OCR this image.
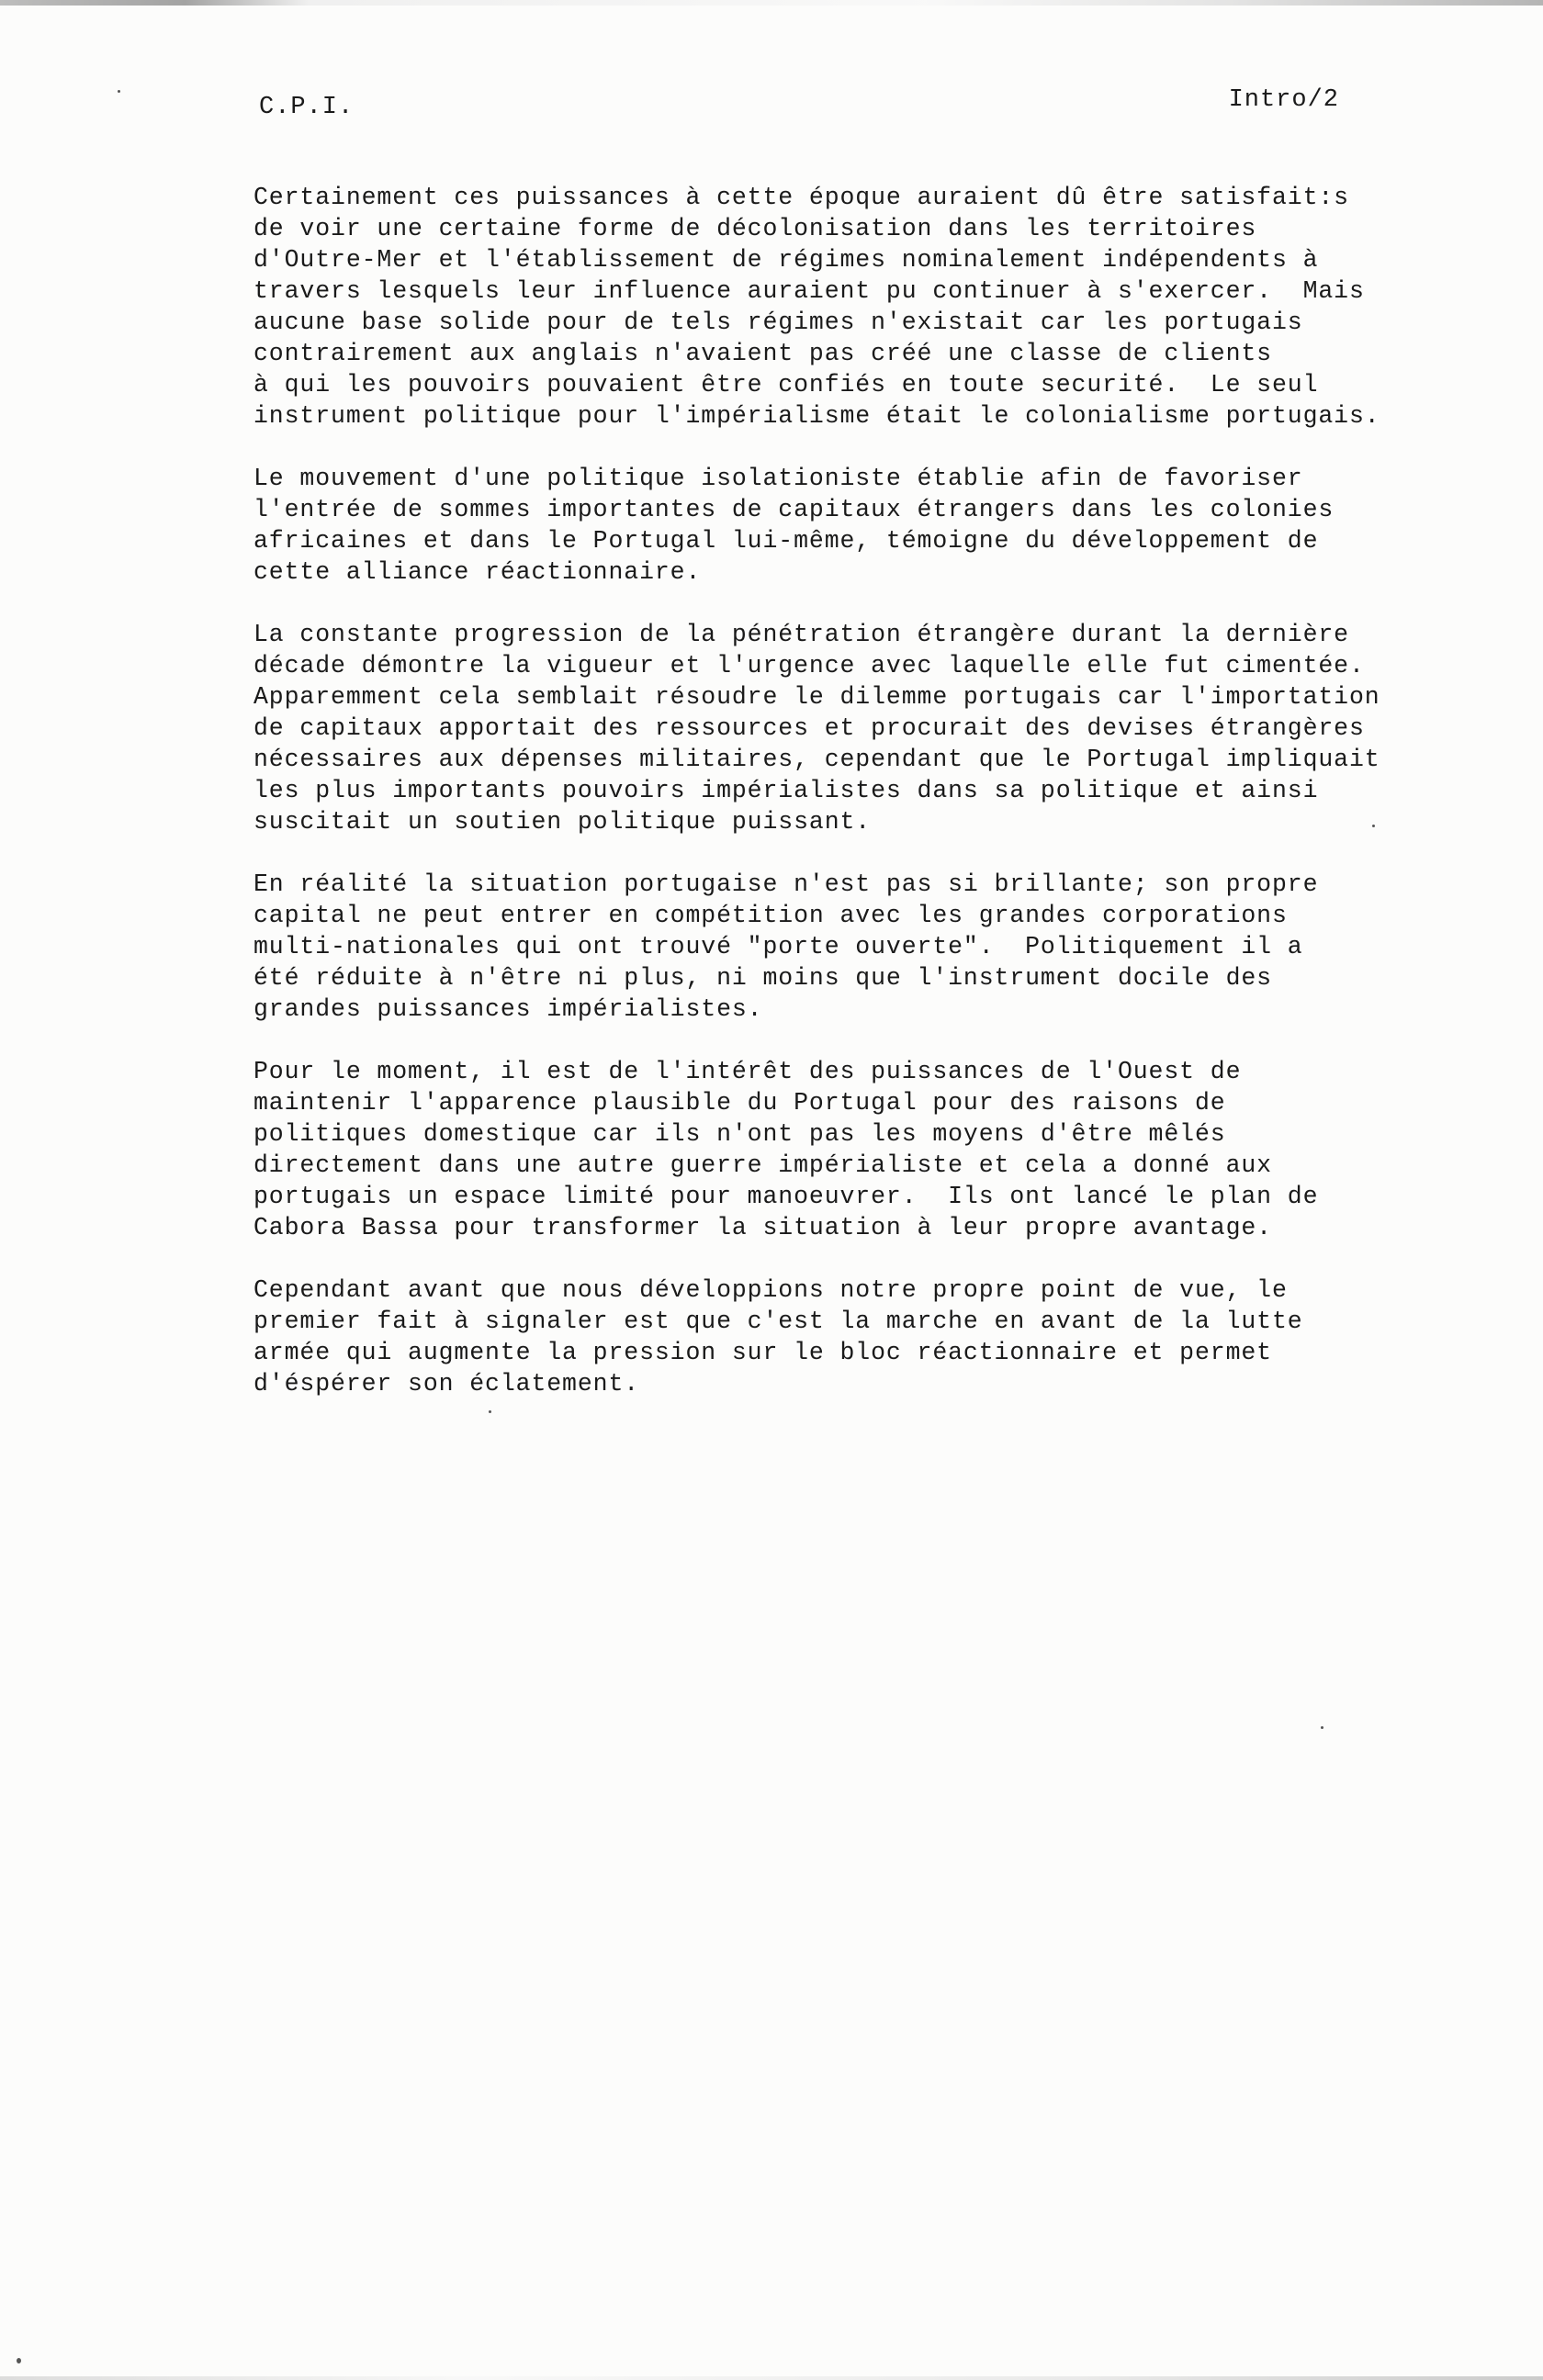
C.P.I.	Intro/2
Certainement ces puissances à cette époque auraient dû être satisfait:s
de voir une certaine forme de décolonisation dans les territoires
d'Outre-Mer et l'établissement de régimes nominalement indépendents à
travers lesquels leur influence auraient pu continuer à s'exercer.  Mais
aucune base solide pour de tels régimes n'existait car les portugais
contrairement aux anglais n'avaient pas créé une classe de clients
à qui les pouvoirs pouvaient être confiés en toute securité.  Le seul
instrument politique pour l'impérialisme était le colonialisme portugais.
Le mouvement d'une politique isolationiste établie afin de favoriser
l'entrée de sommes importantes de capitaux étrangers dans les colonies
africaines et dans le Portugal lui-même, témoigne du développement de
cette alliance réactionnaire.
La constante progression de la pénétration étrangère durant la dernière
décade démontre la vigueur et l'urgence avec laquelle elle fut cimentée.
Apparemment cela semblait résoudre le dilemme portugais car l'importation
de capitaux apportait des ressources et procurait des devises étrangères
nécessaires aux dépenses militaires, cependant que le Portugal impliquait
les plus importants pouvoirs impérialistes dans sa politique et ainsi
suscitait un soutien politique puissant.
En réalité la situation portugaise n'est pas si brillante; son propre
capital ne peut entrer en compétition avec les grandes corporations
multi-nationales qui ont trouvé "porte ouverte".  Politiquement il a
été réduite à n'être ni plus, ni moins que l'instrument docile des
grandes puissances impérialistes.
Pour le moment, il est de l'intérêt des puissances de l'Ouest de
maintenir l'apparence plausible du Portugal pour des raisons de
politiques domestique car ils n'ont pas les moyens d'être mêlés
directement dans une autre guerre impérialiste et cela a donné aux
portugais un espace limité pour manoeuvrer.  Ils ont lancé le plan de
Cabora Bassa pour transformer la situation à leur propre avantage.
Cependant avant que nous développions notre propre point de vue, le
premier fait à signaler est que c'est la marche en avant de la lutte
armée qui augmente la pression sur le bloc réactionnaire et permet
d'éspérer son éclatement.
